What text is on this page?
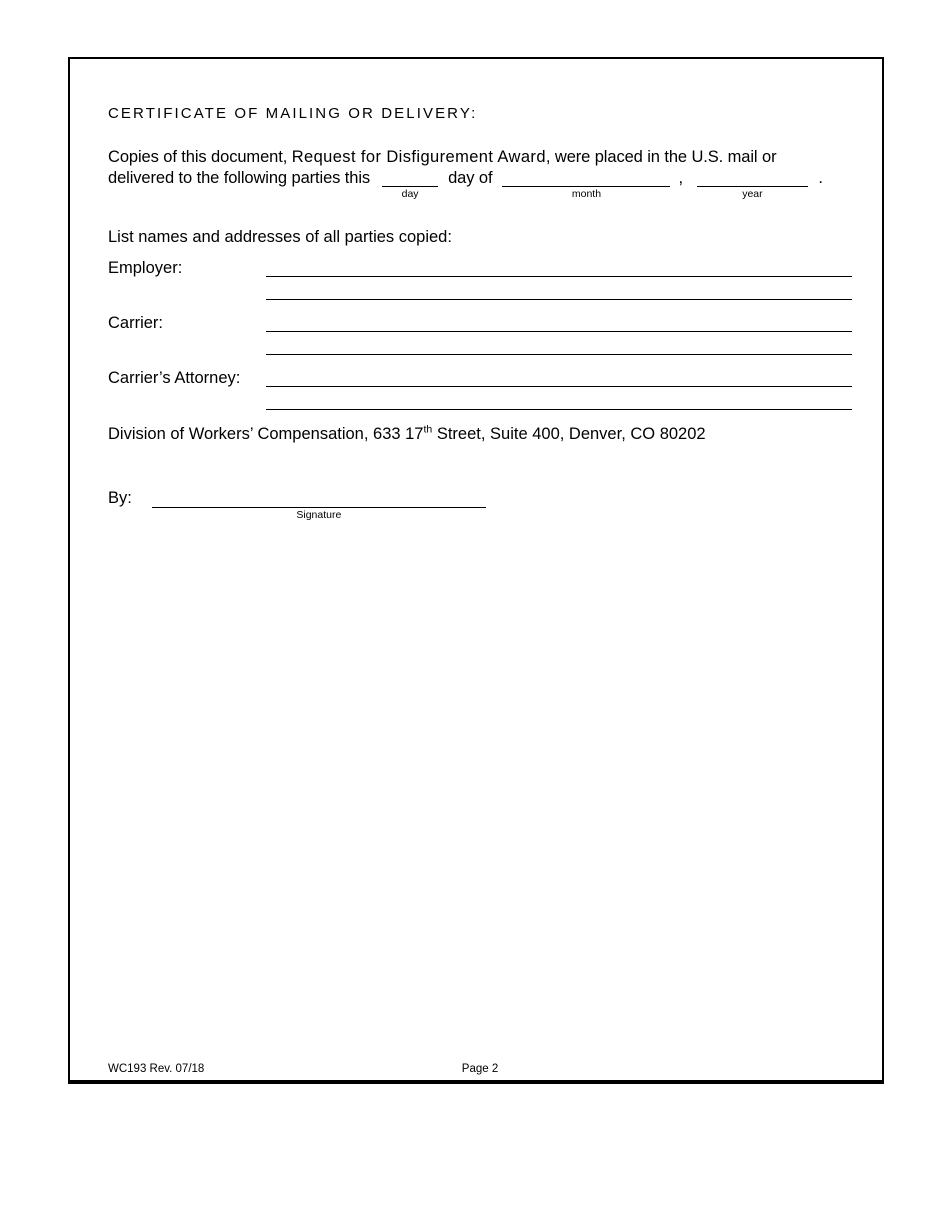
CERTIFICATE OF MAILING OR DELIVERY:
Copies of this document, Request for Disfigurement Award, were placed in the U.S. mail or
delivered to the following parties this
day
day of
month
,
year
.
List names and addresses of all parties copied:
Employer:
Carrier:
Carrier’s Attorney:
Division of Workers’ Compensation, 633 17th Street, Suite 400, Denver, CO 80202
By:
Signature
WC193 Rev. 07/18	Page 2
